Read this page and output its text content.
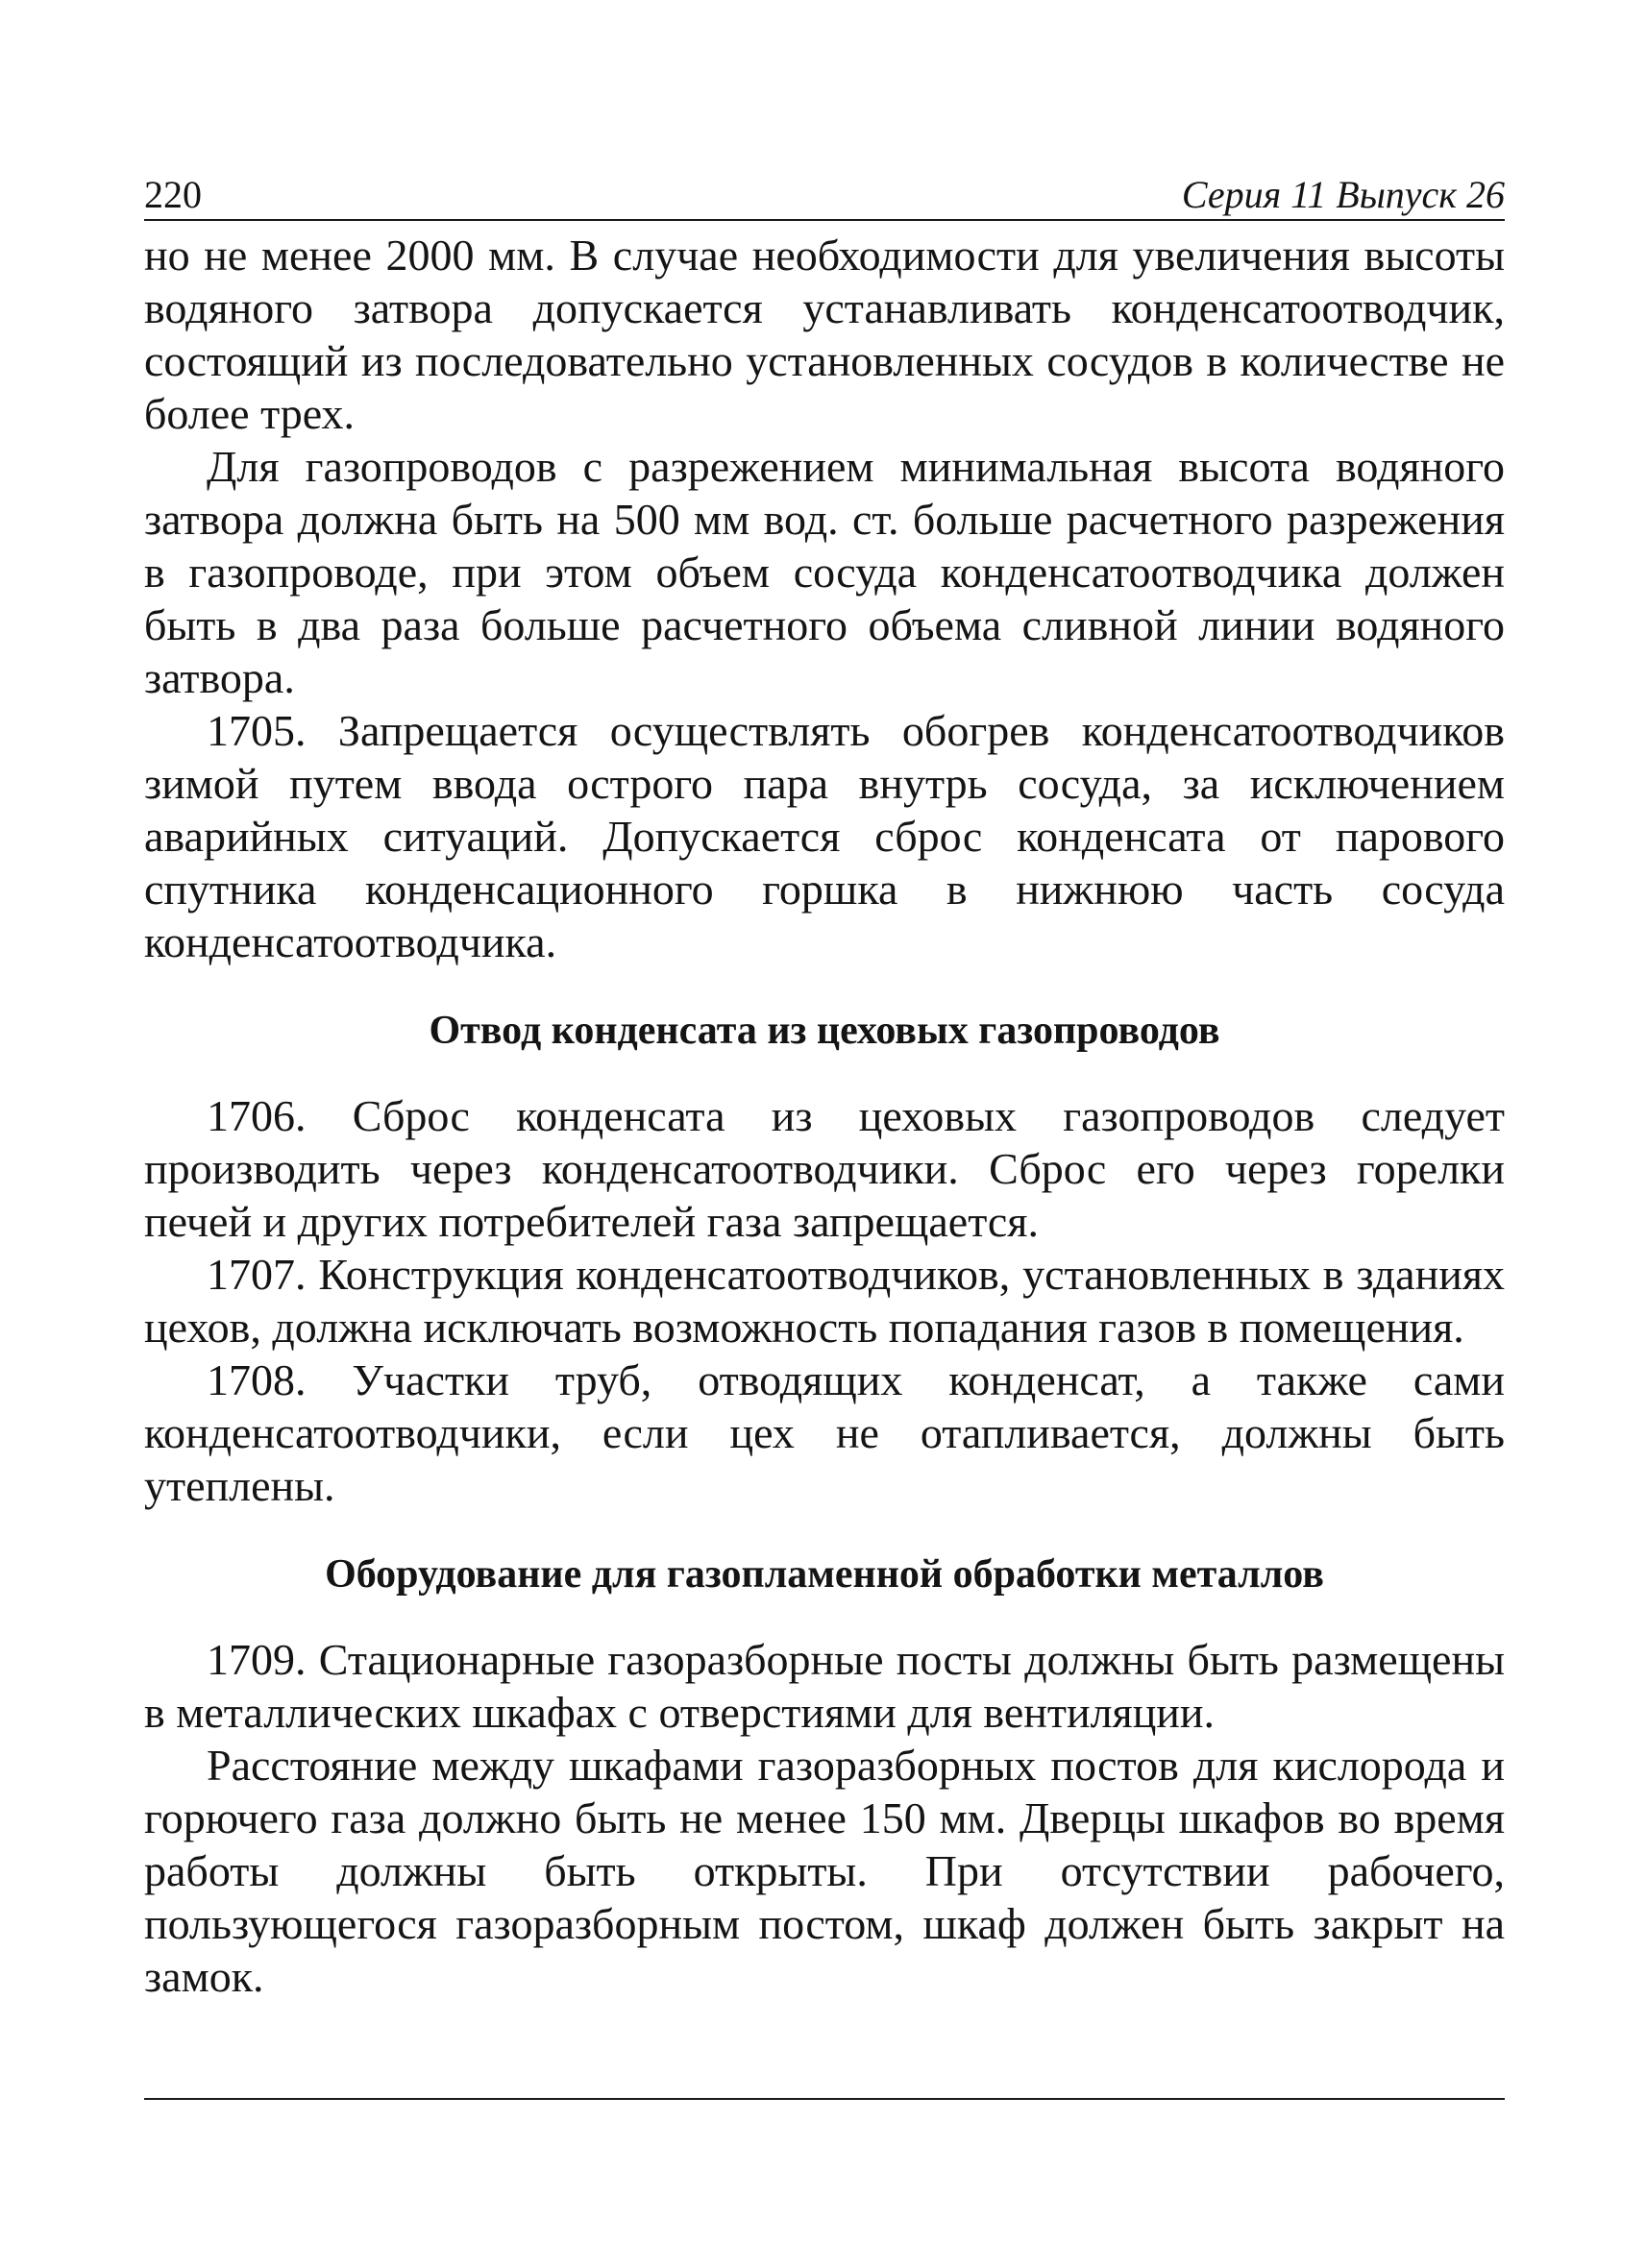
220	Серия 11 Выпуск 26

но не менее 2000 мм. В случае необходимости для увеличения высоты водяного затвора допускается устанавливать конденсатоотводчик, состоящий из последовательно установленных сосудов в количестве не более трех.

Для газопроводов с разрежением минимальная высота водяного затвора должна быть на 500 мм вод. ст. больше расчетного разрежения в газопроводе, при этом объем сосуда конденсатоотводчика должен быть в два раза больше расчетного объема сливной линии водяного затвора.

1705. Запрещается осуществлять обогрев конденсатоотводчиков зимой путем ввода острого пара внутрь сосуда, за исключением аварийных ситуаций. Допускается сброс конденсата от парового спутника конденсационного горшка в нижнюю часть сосуда конденсатоотводчика.

Отвод конденсата из цеховых газопроводов

1706. Сброс конденсата из цеховых газопроводов следует производить через конденсатоотводчики. Сброс его через горелки печей и других потребителей газа запрещается.

1707. Конструкция конденсатоотводчиков, установленных в зданиях цехов, должна исключать возможность попадания газов в помещения.

1708. Участки труб, отводящих конденсат, а также сами конденсатоотводчики, если цех не отапливается, должны быть утеплены.

Оборудование для газопламенной обработки металлов

1709. Стационарные газоразборные посты должны быть размещены в металлических шкафах с отверстиями для вентиляции.

Расстояние между шкафами газоразборных постов для кислорода и горючего газа должно быть не менее 150 мм. Дверцы шкафов во время работы должны быть открыты. При отсутствии рабочего, пользующегося газоразборным постом, шкаф должен быть закрыт на замок.
